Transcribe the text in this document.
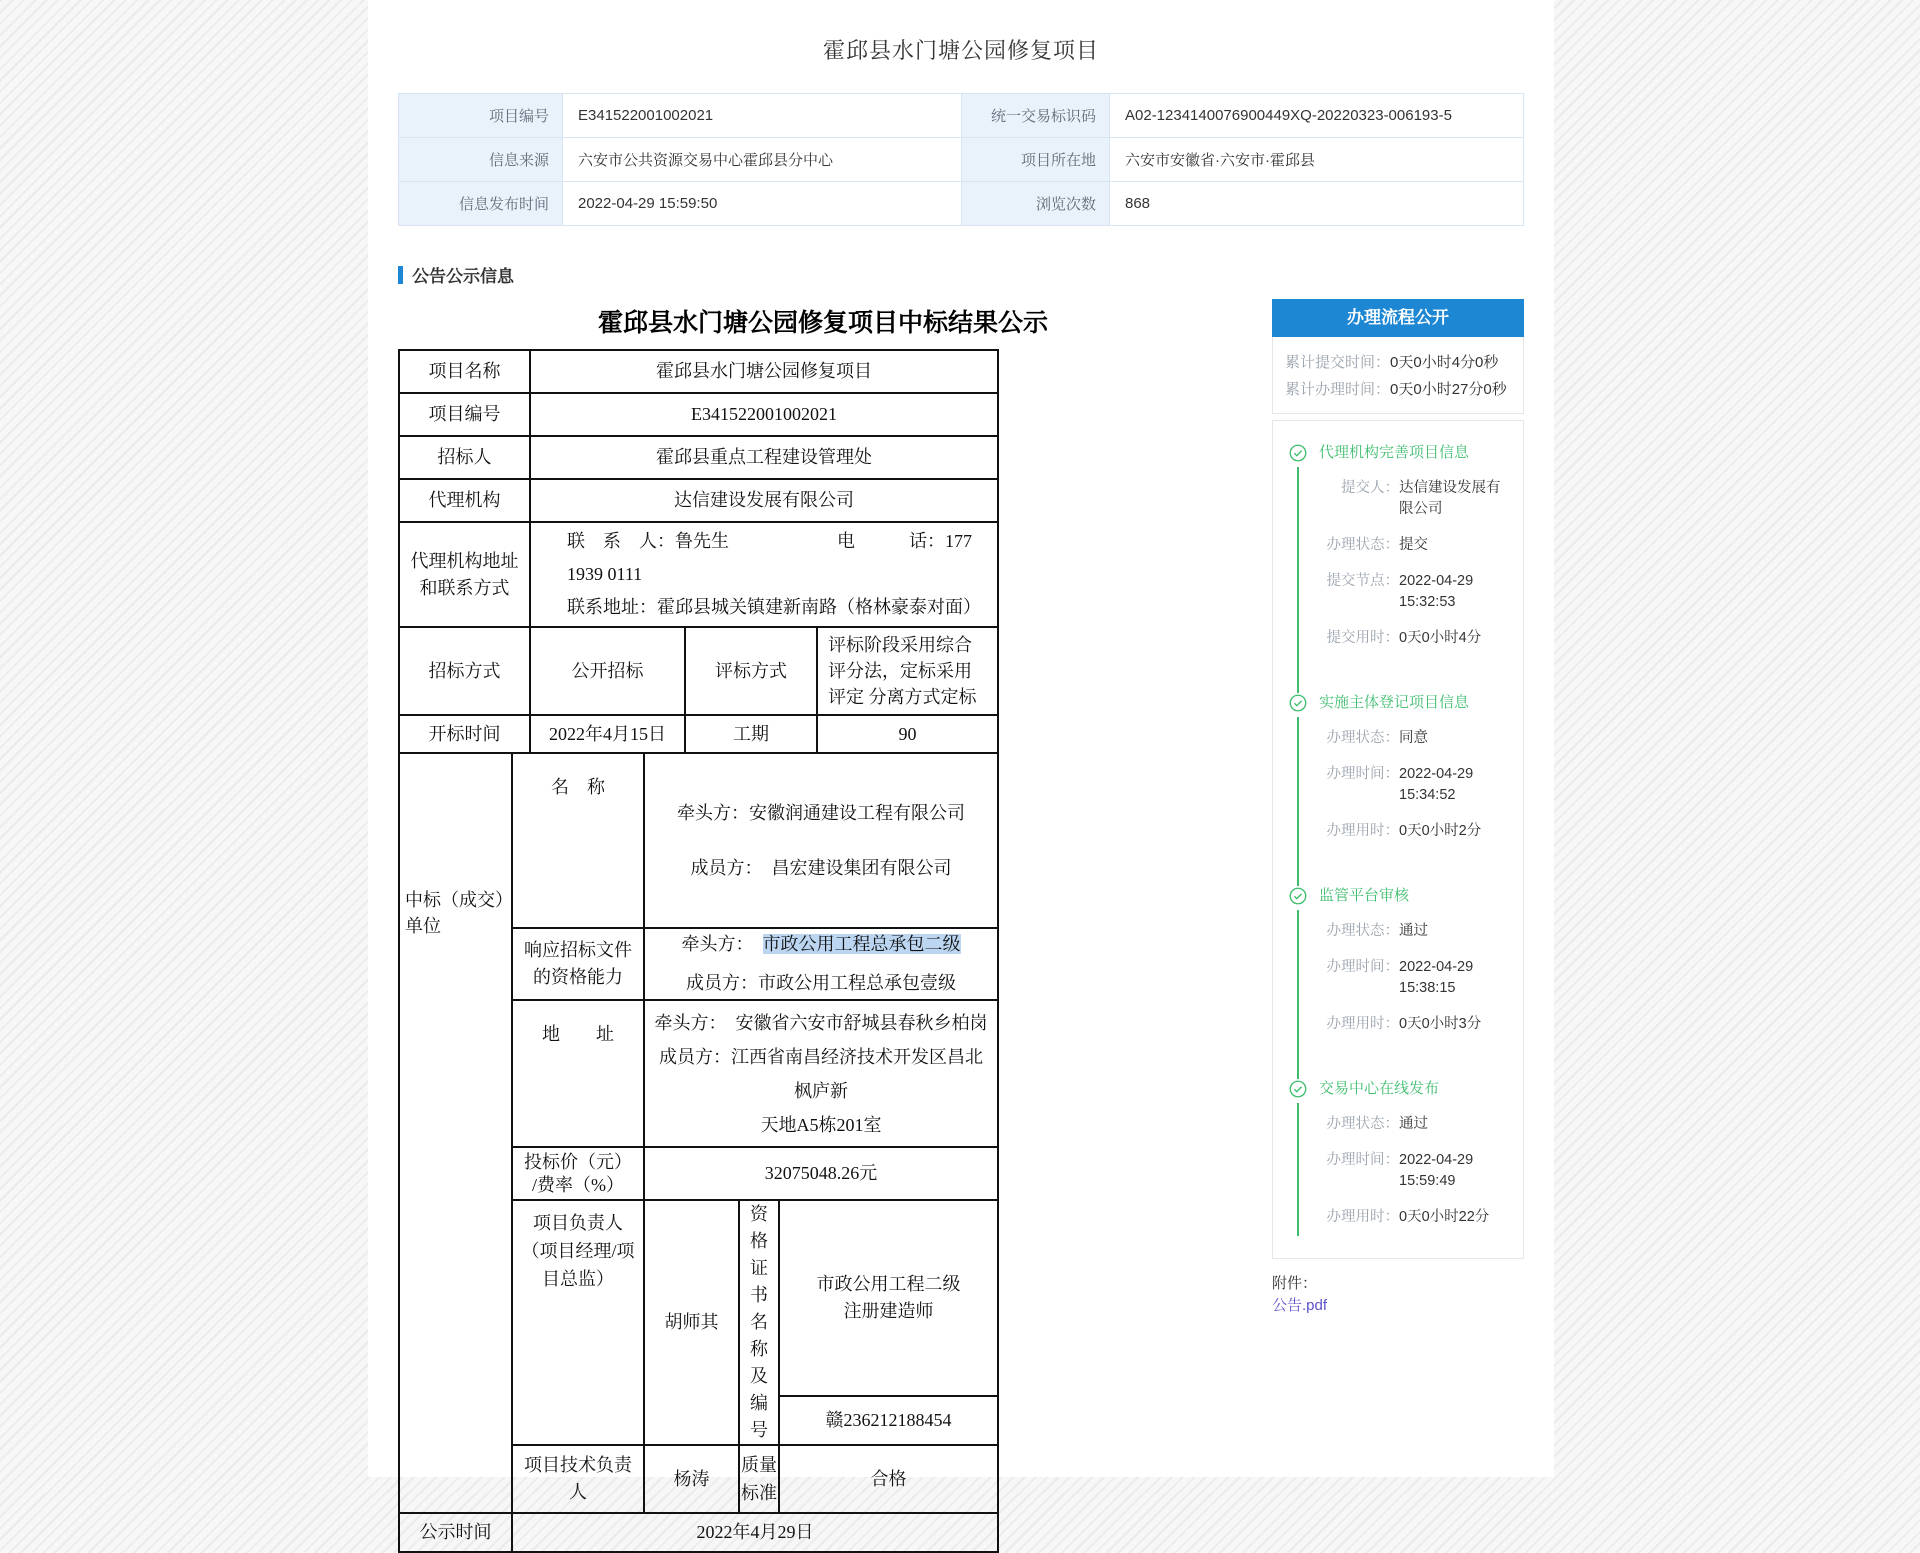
霍邱县水门塘公园修复项目
项目编号	E341522001002021	统一交易标识码	A02-1234140076900449XQ-20220323-006193-5
信息来源	六安市公共资源交易中心霍邱县分中心	项目所在地	六安市安徽省·六安市·霍邱县
信息发布时间	2022-04-29 15:59:50	浏览次数	868
公告公示信息
霍邱县水门塘公园修复项目中标结果公示
项目名称	霍邱县水门塘公园修复项目		
项目编号	E341522001002021		
招标人	霍邱县重点工程建设管理处		
代理机构	达信建设发展有限公司		
代理机构地址和联系方式	联　系　人：鲁先生　　　　　　电　　　话：177 1939 0111
联系地址：霍邱县城关镇建新南路（格林豪泰对面）		

招标方式	公开招标	评标方式	评标阶段采用综合评分法，定标采用评定 分离方式定标
开标时间	2022年4月15日	工期	90
中标（成交）单位	名　称	牵头方：安徽润通建设工程有限公司
成员方：　昌宏建设集团有限公司		

	响应招标文件的资格能力	牵头方：　市政公用工程总承包二级
成员方：市政公用工程总承包壹级		

	地　　址	牵头方：　安徽省六安市舒城县春秋乡柏岗
成员方：江西省南昌经济技术开发区昌北
枫庐新
天地A5栋201室		

	投标价（元）
/费率（%）	32075048.26元		
	项目负责人（项目经理/项目总监）	胡师其	资格证书 名称及编号	市政公用工程二级
注册建造师

				赣236212188454
	项目技术负责人	杨涛	质量标准	合格
公示时间	2022年4月29日			
办理流程公开
累计提交时间：0天0小时4分0秒
累计办理时间：0天0小时27分0秒
代理机构完善项目信息
提交人： 达信建设发展有限公司
办理状态： 提交
提交节点： 2022-04-29 15:32:53
提交用时： 0天0小时4分
实施主体登记项目信息
办理状态： 同意
办理时间： 2022-04-29 15:34:52
办理用时： 0天0小时2分
监管平台审核
办理状态： 通过
办理时间： 2022-04-29 15:38:15
办理用时： 0天0小时3分
交易中心在线发布
办理状态： 通过
办理时间： 2022-04-29 15:59:49
办理用时： 0天0小时22分
附件：
公告.pdf
